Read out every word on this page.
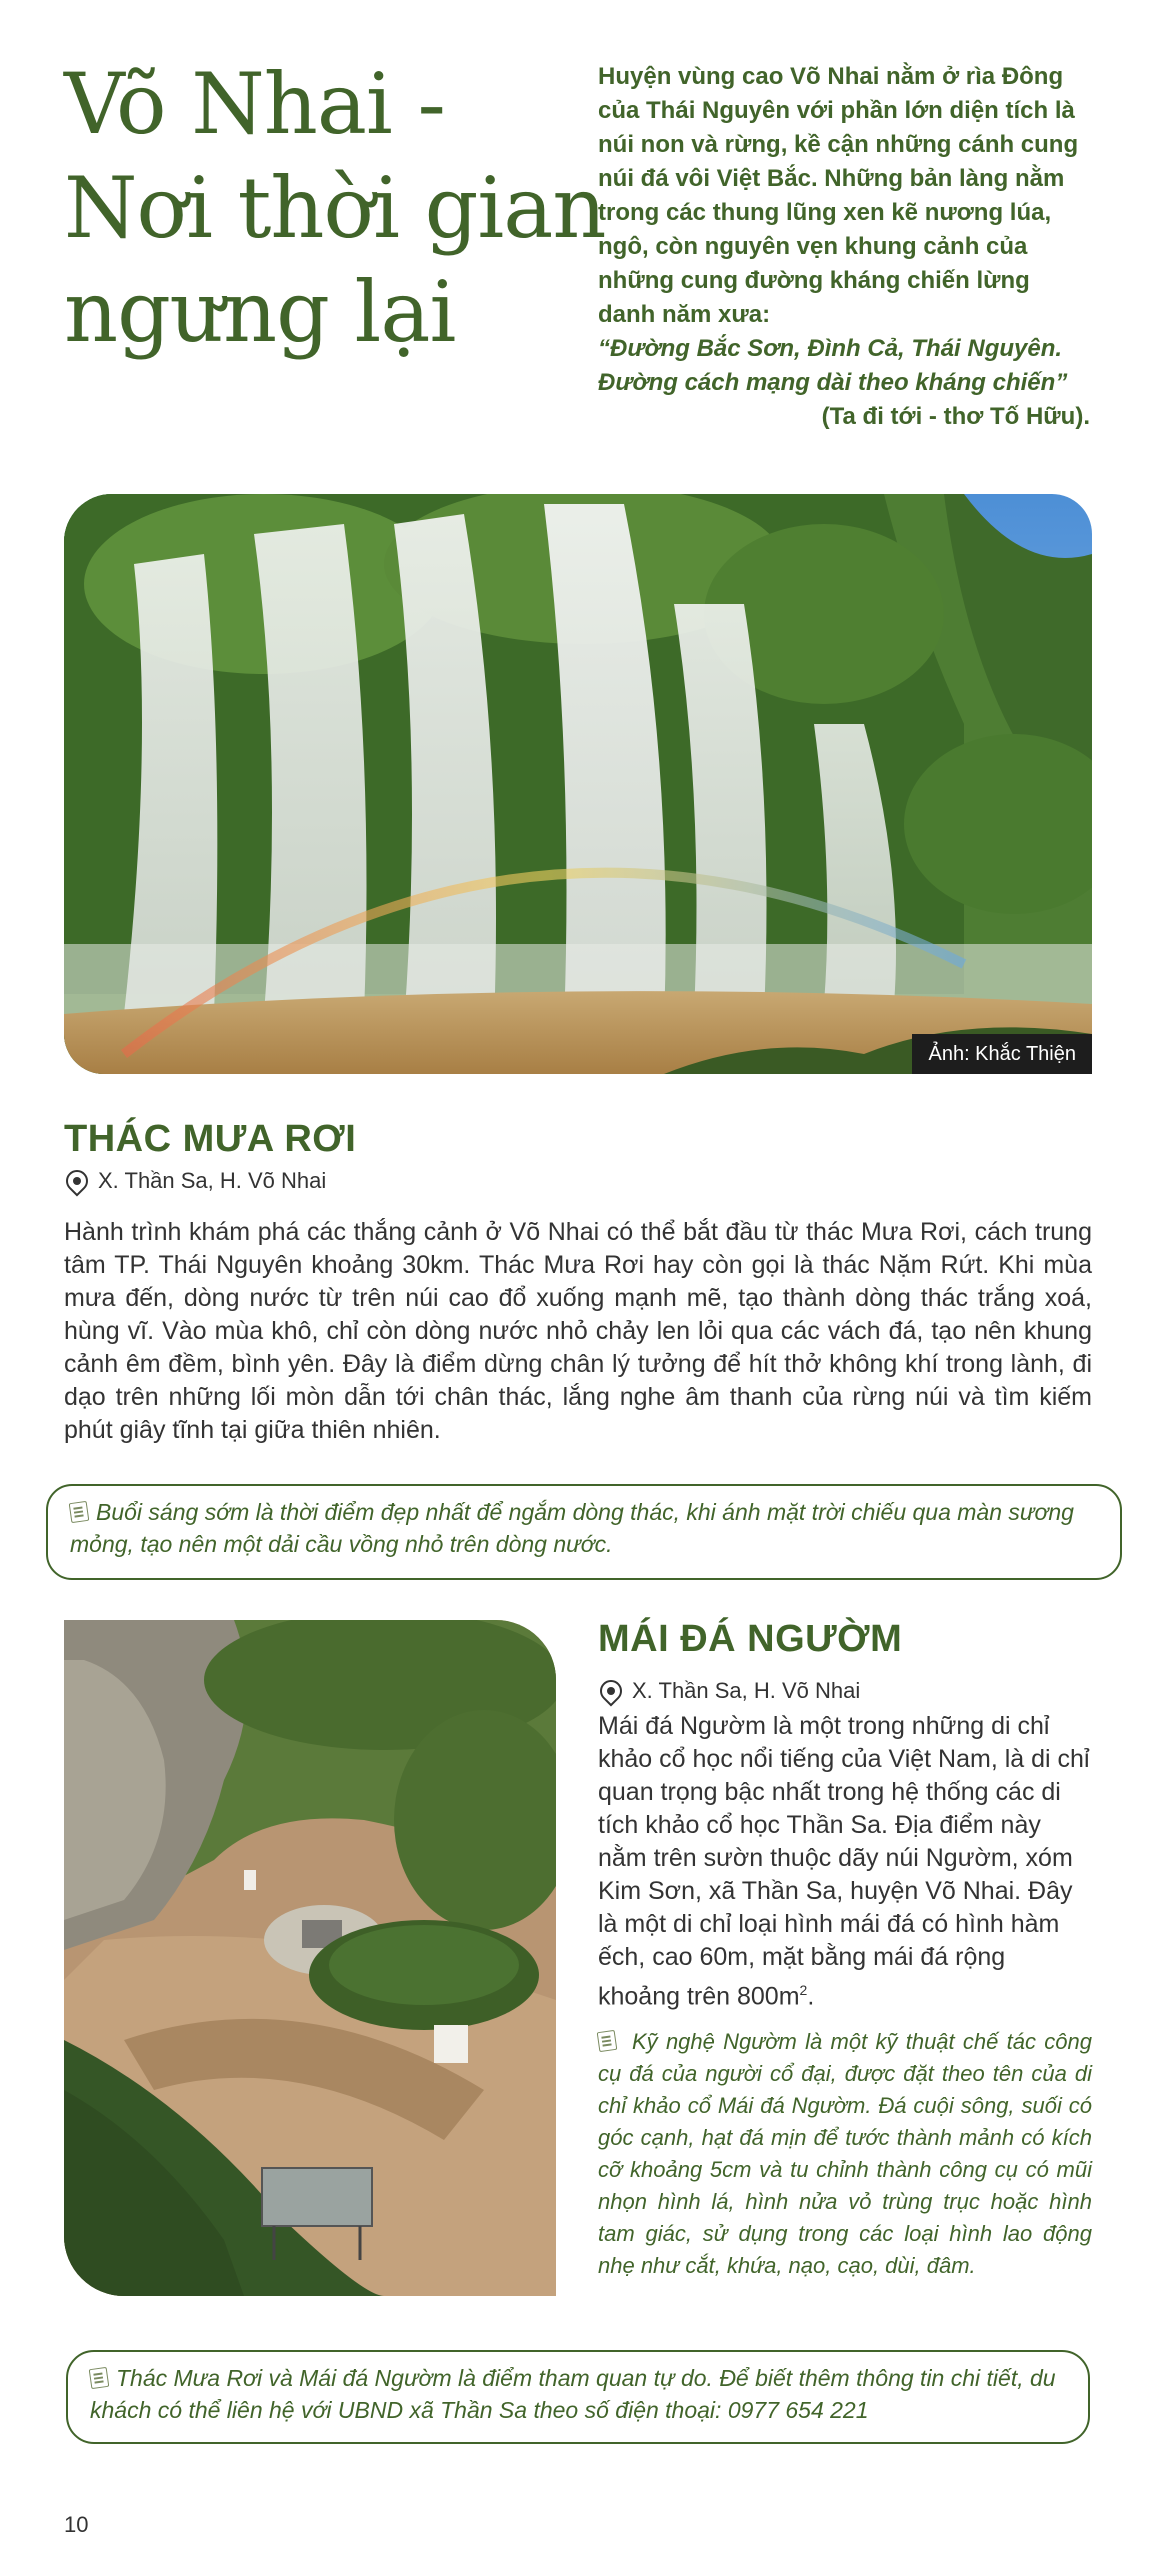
Võ Nhai -
Nơi thời gian
ngưng lại

Huyện vùng cao Võ Nhai nằm ở rìa Đông của Thái Nguyên với phần lớn diện tích là núi non và rừng, kề cận những cánh cung núi đá vôi Việt Bắc. Những bản làng nằm trong các thung lũng xen kẽ nương lúa, ngô, còn nguyên vẹn khung cảnh của những cung đường kháng chiến lừng danh năm xưa:

“Đường Bắc Sơn, Đình Cả, Thái Nguyên. Đường cách mạng dài theo kháng chiến”

(Ta đi tới - thơ Tố Hữu).

Ảnh: Khắc Thiện
THÁC MƯA RƠI
X. Thần Sa, H. Võ Nhai

Hành trình khám phá các thắng cảnh ở Võ Nhai có thể bắt đầu từ thác Mưa Rơi, cách trung tâm TP. Thái Nguyên khoảng 30km. Thác Mưa Rơi hay còn gọi là thác Nặm Rứt. Khi mùa mưa đến, dòng nước từ trên núi cao đổ xuống mạnh mẽ, tạo thành dòng thác trắng xoá, hùng vĩ. Vào mùa khô, chỉ còn dòng nước nhỏ chảy len lỏi qua các vách đá, tạo nên khung cảnh êm đềm, bình yên. Đây là điểm dừng chân lý tưởng để hít thở không khí trong lành, đi dạo trên những lối mòn dẫn tới chân thác, lắng nghe âm thanh của rừng núi và tìm kiếm phút giây tĩnh tại giữa thiên nhiên.

Buổi sáng sớm là thời điểm đẹp nhất để ngắm dòng thác, khi ánh mặt trời chiếu qua màn sương mỏng, tạo nên một dải cầu vồng nhỏ trên dòng nước.
MÁI ĐÁ NGƯỜM
X. Thần Sa, H. Võ Nhai

Mái đá Ngườm là một trong những di chỉ khảo cổ học nổi tiếng của Việt Nam, là di chỉ quan trọng bậc nhất trong hệ thống các di tích khảo cổ học Thần Sa. Địa điểm này nằm trên sườn thuộc dãy núi Ngườm, xóm Kim Sơn, xã Thần Sa, huyện Võ Nhai. Đây là một di chỉ loại hình mái đá có hình hàm ếch, cao 60m, mặt bằng mái đá rộng khoảng trên $800m^2$.

Kỹ nghệ Ngườm là một kỹ thuật chế tác công cụ đá của người cổ đại, được đặt theo tên của di chỉ khảo cổ Mái đá Ngườm. Đá cuội sông, suối có góc cạnh, hạt đá mịn để tước thành mảnh có kích cỡ khoảng 5cm và tu chỉnh thành công cụ có mũi nhọn hình lá, hình nửa vỏ trùng trục hoặc hình tam giác, sử dụng trong các loại hình lao động nhẹ như cắt, khứa, nạo, cạo, dùi, đâm.

Thác Mưa Rơi và Mái đá Ngườm là điểm tham quan tự do. Để biết thêm thông tin chi tiết, du khách có thể liên hệ với UBND xã Thần Sa theo số điện thoại: 0977 654 221
10
